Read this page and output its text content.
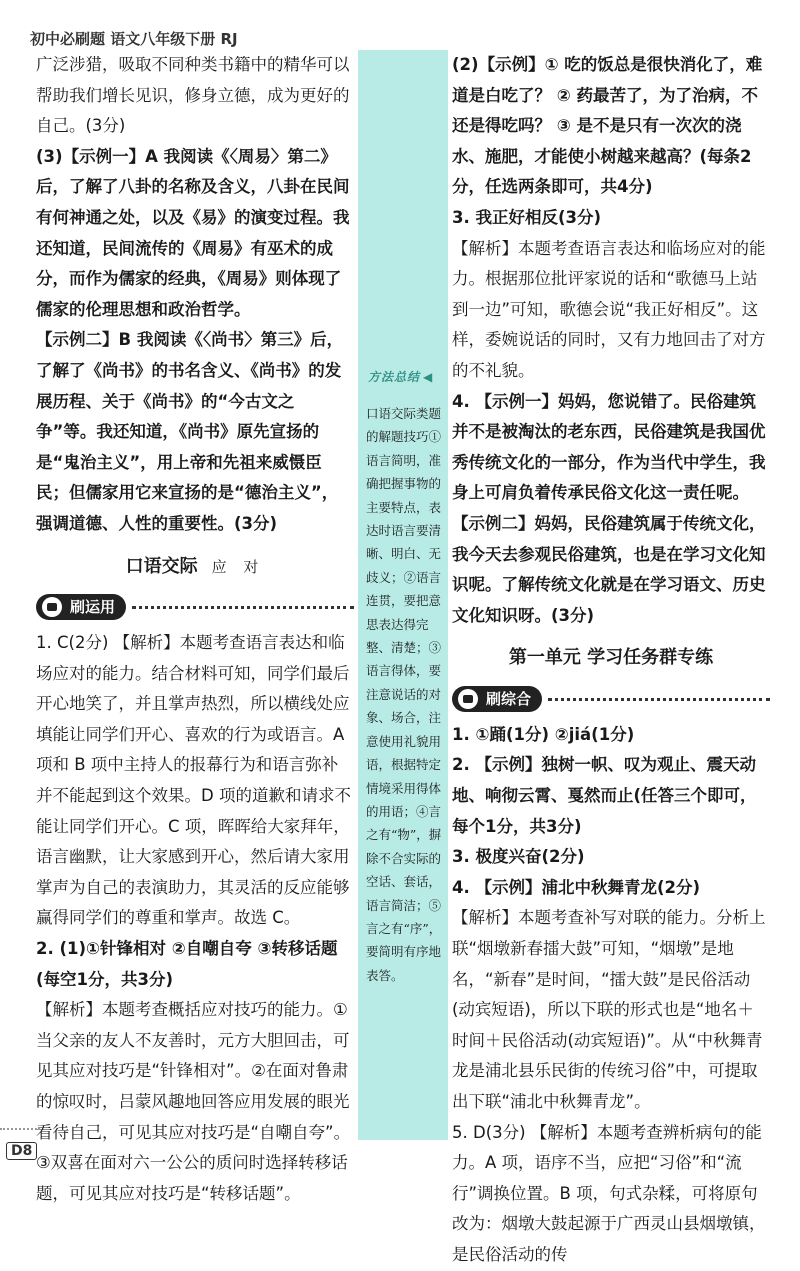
初中必刷题 语文八年级下册 RJ

广泛涉猎，吸取不同种类书籍中的精华可以帮助我们增长见识，修身立德，成为更好的自己。(3分)

(3)【示例一】A 我阅读《〈周易〉第二》后，了解了八卦的名称及含义，八卦在民间有何神通之处，以及《易》的演变过程。我还知道，民间流传的《周易》有巫术的成分，而作为儒家的经典，《周易》则体现了儒家的伦理思想和政治哲学。

【示例二】B 我阅读《〈尚书〉第三》后，了解了《尚书》的书名含义、《尚书》的发展历程、关于《尚书》的“今古文之争”等。我还知道，《尚书》原先宣扬的是“鬼治主义”，用上帝和先祖来威慑臣民；但儒家用它来宣扬的是“德治主义”，强调道德、人性的重要性。(3分)

口语交际 应 对
刷运用

1. C(2分) 【解析】本题考查语言表达和临场应对的能力。结合材料可知，同学们最后开心地笑了，并且掌声热烈，所以横线处应填能让同学们开心、喜欢的行为或语言。A 项和 B 项中主持人的报幕行为和语言弥补并不能起到这个效果。D 项的道歉和请求不能让同学们开心。C 项，晖晖给大家拜年，语言幽默，让大家感到开心，然后请大家用掌声为自己的表演助力，其灵活的反应能够赢得同学们的尊重和掌声。故选 C。

2. (1)①针锋相对 ②自嘲自夸 ③转移话题

(每空1分，共3分)

【解析】本题考查概括应对技巧的能力。①当父亲的友人不友善时，元方大胆回击，可见其应对技巧是“针锋相对”。②在面对鲁肃的惊叹时，吕蒙风趣地回答应用发展的眼光看待自己，可见其应对技巧是“自嘲自夸”。③双喜在面对六一公公的质问时选择转移话题，可见其应对技巧是“转移话题”。

方法总结 ◀
口语交际类题的解题技巧①语言简明，准确把握事物的主要特点，表达时语言要清晰、明白、无歧义；②语言连贯，要把意思表达得完整、清楚；③语言得体，要注意说话的对象、场合，注意使用礼貌用语，根据特定情境采用得体的用语；④言之有“物”，摒除不合实际的空话、套话，语言简洁；⑤言之有“序”，要简明有序地表答。

(2)【示例】① 吃的饭总是很快消化了，难道是白吃了？ ② 药最苦了，为了治病，不还是得吃吗？ ③ 是不是只有一次次的浇水、施肥，才能使小树越来越高？(每条2分，任选两条即可，共4分)

3. 我正好相反(3分)

【解析】本题考查语言表达和临场应对的能力。根据那位批评家说的话和“歌德马上站到一边”可知，歌德会说“我正好相反”。这样，委婉说话的同时，又有力地回击了对方的不礼貌。

4. 【示例一】妈妈，您说错了。民俗建筑并不是被淘汰的老东西，民俗建筑是我国优秀传统文化的一部分，作为当代中学生，我身上可肩负着传承民俗文化这一责任呢。

【示例二】妈妈，民俗建筑属于传统文化，我今天去参观民俗建筑，也是在学习文化知识呢。了解传统文化就是在学习语文、历史文化知识呀。(3分)

第一单元 学习任务群专练
刷综合

1. ①踊(1分) ②jiá(1分)

2. 【示例】独树一帜、叹为观止、震天动地、响彻云霄、戛然而止(任答三个即可，每个1分，共3分)

3. 极度兴奋(2分)

4. 【示例】浦北中秋舞青龙(2分)

【解析】本题考查补写对联的能力。分析上联“烟墩新春擂大鼓”可知，“烟墩”是地名，“新春”是时间，“擂大鼓”是民俗活动(动宾短语)，所以下联的形式也是“地名＋时间＋民俗活动(动宾短语)”。从“中秋舞青龙是浦北县乐民街的传统习俗”中，可提取出下联“浦北中秋舞青龙”。

5. D(3分) 【解析】本题考查辨析病句的能力。A 项，语序不当，应把“习俗”和“流行”调换位置。B 项，句式杂糅，可将原句改为：烟墩大鼓起源于广西灵山县烟墩镇，是民俗活动的传

D8
